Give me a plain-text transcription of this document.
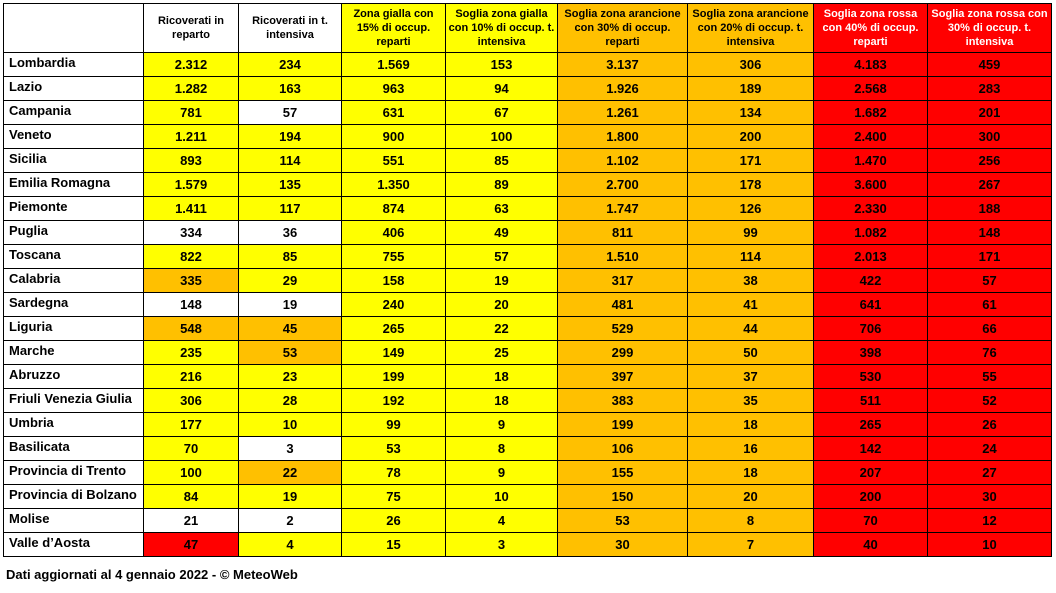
	Ricoverati in reparto	Ricoverati in t. intensiva	Zona gialla con 15% di occup. reparti	Soglia zona gialla con 10% di occup. t. intensiva	Soglia zona arancione con 30% di occup. reparti	Soglia zona arancione con 20% di occup. t. intensiva	Soglia zona rossa con 40% di occup. reparti	Soglia zona rossa con 30% di occup. t. intensiva
Lombardia	2.312	234	1.569	153	3.137	306	4.183	459
Lazio	1.282	163	963	94	1.926	189	2.568	283
Campania	781	57	631	67	1.261	134	1.682	201
Veneto	1.211	194	900	100	1.800	200	2.400	300
Sicilia	893	114	551	85	1.102	171	1.470	256
Emilia Romagna	1.579	135	1.350	89	2.700	178	3.600	267
Piemonte	1.411	117	874	63	1.747	126	2.330	188
Puglia	334	36	406	49	811	99	1.082	148
Toscana	822	85	755	57	1.510	114	2.013	171
Calabria	335	29	158	19	317	38	422	57
Sardegna	148	19	240	20	481	41	641	61
Liguria	548	45	265	22	529	44	706	66
Marche	235	53	149	25	299	50	398	76
Abruzzo	216	23	199	18	397	37	530	55
Friuli Venezia Giulia	306	28	192	18	383	35	511	52
Umbria	177	10	99	9	199	18	265	26
Basilicata	70	3	53	8	106	16	142	24
Provincia di Trento	100	22	78	9	155	18	207	27
Provincia di Bolzano	84	19	75	10	150	20	200	30
Molise	21	2	26	4	53	8	70	12
Valle d’Aosta	47	4	15	3	30	7	40	10
Dati aggiornati al 4 gennaio 2022 - © MeteoWeb
